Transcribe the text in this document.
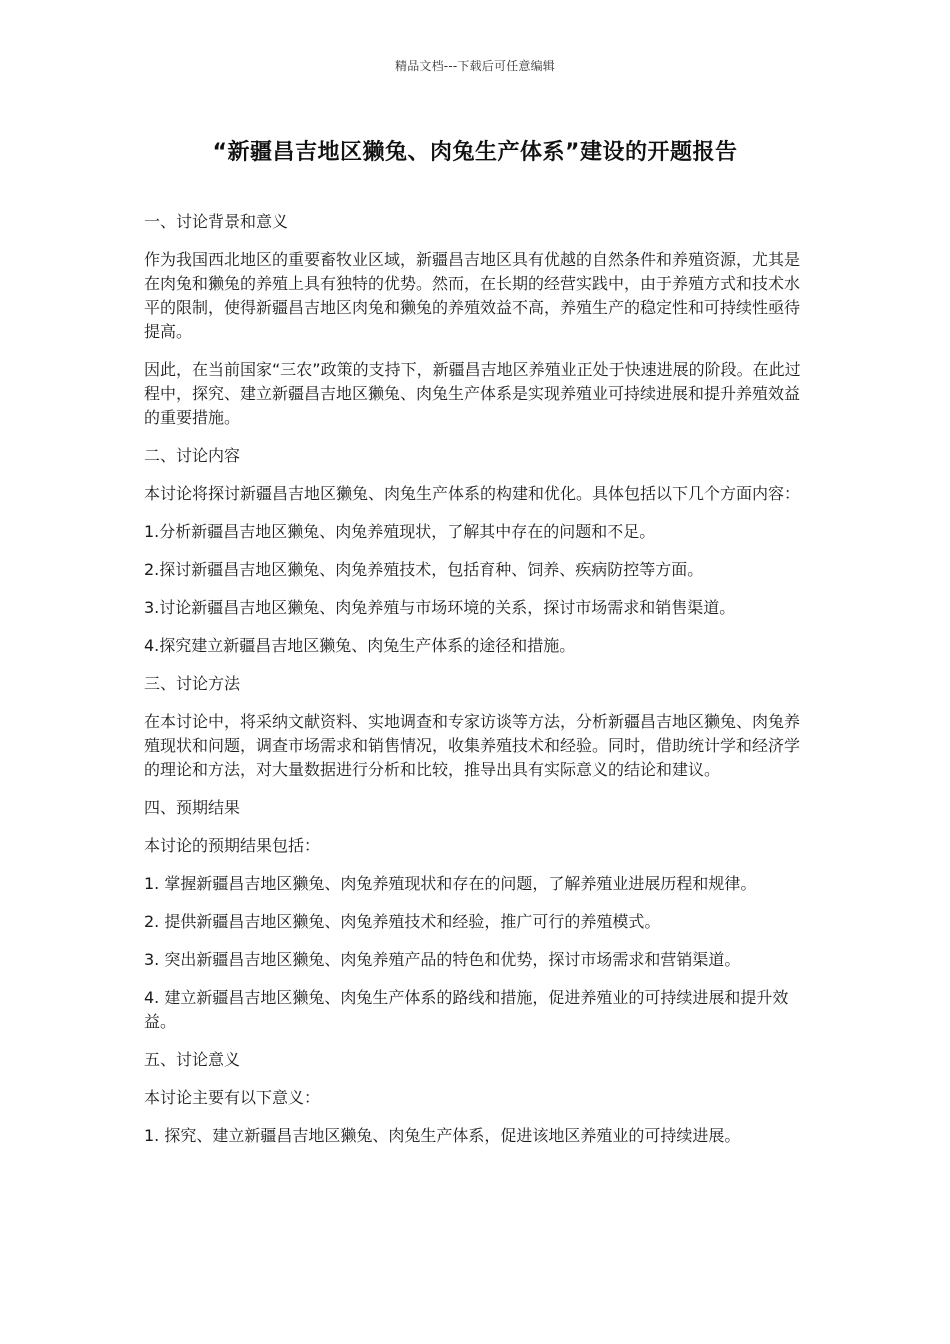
精品文档---下载后可任意编辑
“新疆昌吉地区獭兔、肉兔生产体系”建设的开题报告

一、讨论背景和意义

作为我国西北地区的重要畜牧业区域，新疆昌吉地区具有优越的自然条件和养殖资源，尤其是在肉兔和獭兔的养殖上具有独特的优势。然而，在长期的经营实践中，由于养殖方式和技术水平的限制，使得新疆昌吉地区肉兔和獭兔的养殖效益不高，养殖生产的稳定性和可持续性亟待提高。

因此，在当前国家“三农”政策的支持下，新疆昌吉地区养殖业正处于快速进展的阶段。在此过程中，探究、建立新疆昌吉地区獭兔、肉兔生产体系是实现养殖业可持续进展和提升养殖效益的重要措施。

二、讨论内容

本讨论将探讨新疆昌吉地区獭兔、肉兔生产体系的构建和优化。具体包括以下几个方面内容：

1.分析新疆昌吉地区獭兔、肉兔养殖现状，了解其中存在的问题和不足。

2.探讨新疆昌吉地区獭兔、肉兔养殖技术，包括育种、饲养、疾病防控等方面。

3.讨论新疆昌吉地区獭兔、肉兔养殖与市场环境的关系，探讨市场需求和销售渠道。

4.探究建立新疆昌吉地区獭兔、肉兔生产体系的途径和措施。

三、讨论方法

在本讨论中，将采纳文献资料、实地调查和专家访谈等方法，分析新疆昌吉地区獭兔、肉兔养殖现状和问题，调查市场需求和销售情况，收集养殖技术和经验。同时，借助统计学和经济学的理论和方法，对大量数据进行分析和比较，推导出具有实际意义的结论和建议。

四、预期结果

本讨论的预期结果包括：

1. 掌握新疆昌吉地区獭兔、肉兔养殖现状和存在的问题，了解养殖业进展历程和规律。

2. 提供新疆昌吉地区獭兔、肉兔养殖技术和经验，推广可行的养殖模式。

3. 突出新疆昌吉地区獭兔、肉兔养殖产品的特色和优势，探讨市场需求和营销渠道。

4. 建立新疆昌吉地区獭兔、肉兔生产体系的路线和措施，促进养殖业的可持续进展和提升效益。

五、讨论意义

本讨论主要有以下意义：

1. 探究、建立新疆昌吉地区獭兔、肉兔生产体系，促进该地区养殖业的可持续进展。
